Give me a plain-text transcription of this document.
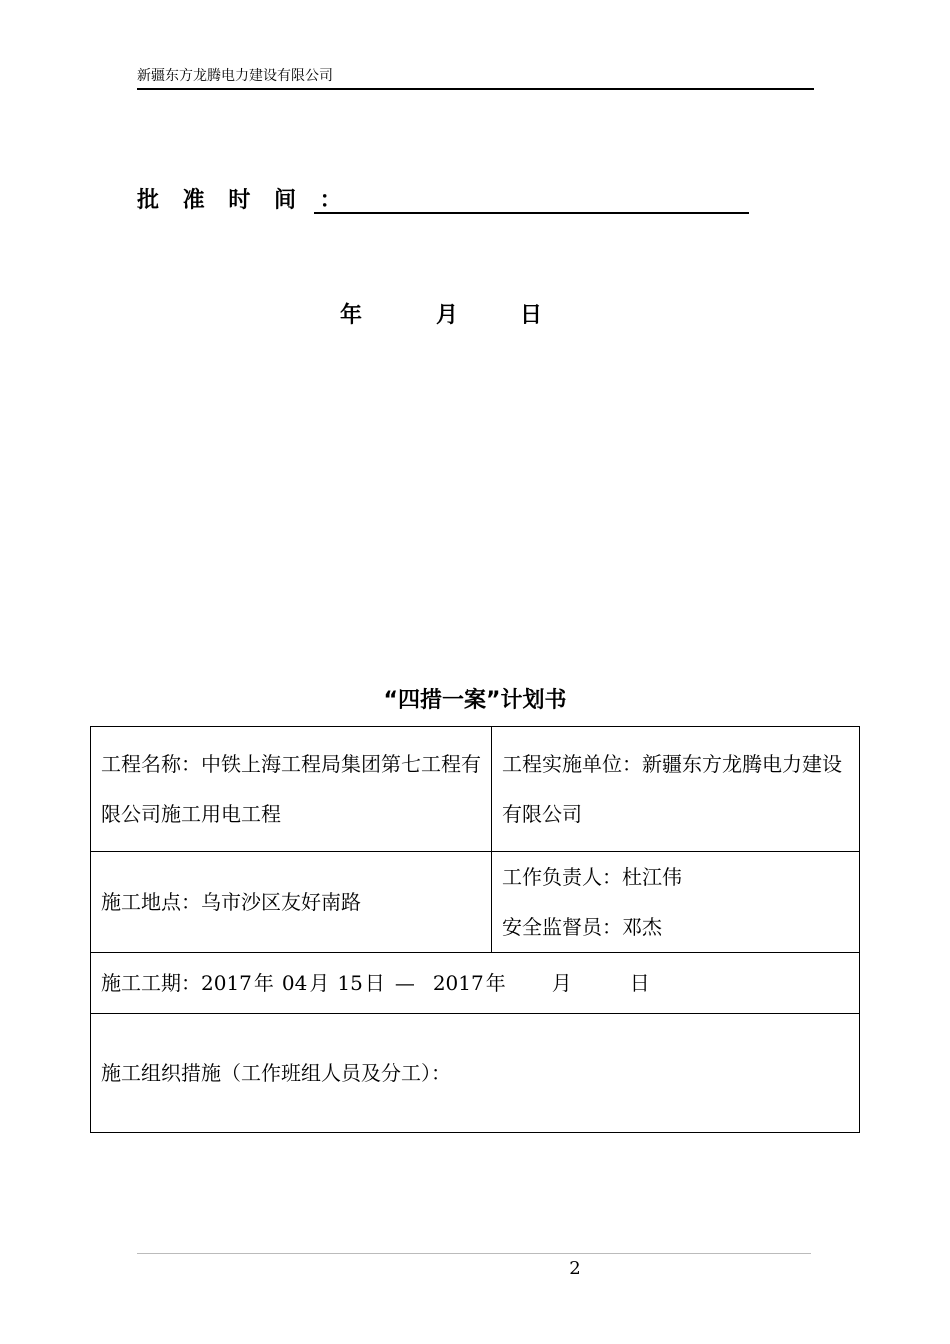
新疆东方龙腾电力建设有限公司
批 准 时 间 ：
年	月	日
“四措一案”计划书
工程名称：中铁上海工程局集团第七工程有限公司施工用电工程	工程实施单位：新疆东方龙腾电力建设有限公司
施工地点：乌市沙区友好南路	工作负责人：杜江伟
安全监督员：邓杰

施工工期：2017 年 04 月 15 日 — 2017 年 月 日	
施工组织措施（工作班组人员及分工）：	
2
